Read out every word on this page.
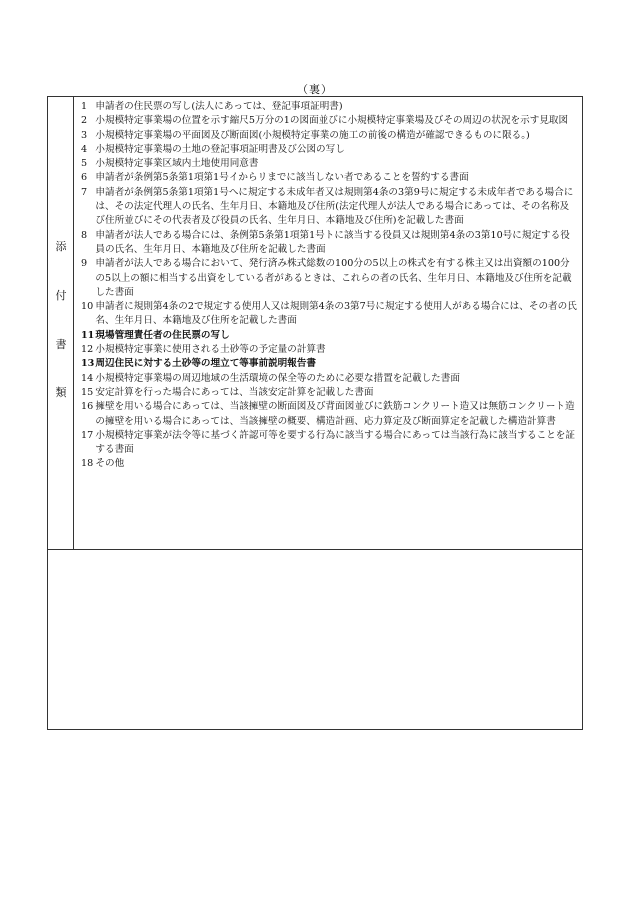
（裏）
添
付
書
類
1 申請者の住民票の写し(法人にあっては、登記事項証明書)
2 小規模特定事業場の位置を示す縮尺5万分の1の図面並びに小規模特定事業場及びその周辺の状況を示す見取図
3 小規模特定事業場の平面図及び断面図(小規模特定事業の施工の前後の構造が確認できるものに限る。)
4 小規模特定事業場の土地の登記事項証明書及び公図の写し
5 小規模特定事業区域内土地使用同意書
6 申請者が条例第5条第1項第1号イからリまでに該当しない者であることを誓約する書面
7 申請者が条例第5条第1項第1号へに規定する未成年者又は規則第4条の3第9号に規定する未成年者である場合には、その法定代理人の氏名、生年月日、本籍地及び住所(法定代理人が法人である場合にあっては、その名称及び住所並びにその代表者及び役員の氏名、生年月日、本籍地及び住所)を記載した書面
8 申請者が法人である場合には、条例第5条第1項第1号トに該当する役員又は規則第4条の3第10号に規定する役員の氏名、生年月日、本籍地及び住所を記載した書面
9 申請者が法人である場合において、発行済み株式総数の100分の5以上の株式を有する株主又は出資額の100分の5以上の額に相当する出資をしている者があるときは、これらの者の氏名、生年月日、本籍地及び住所を記載した書面
10 申請者に規則第4条の2で規定する使用人又は規則第4条の3第7号に規定する使用人がある場合には、その者の氏名、生年月日、本籍地及び住所を記載した書面
11現場管理責任者の住民票の写し
12 小規模特定事業に使用される土砂等の予定量の計算書
13周辺住民に対する土砂等の埋立て等事前説明報告書
14 小規模特定事業場の周辺地域の生活環境の保全等のために必要な措置を記載した書面
15 安定計算を行った場合にあっては、当該安定計算を記載した書面
16 擁壁を用いる場合にあっては、当該擁壁の断面図及び背面図並びに鉄筋コンクリート造又は無筋コンクリート造の擁壁を用いる場合にあっては、当該擁壁の概要、構造計画、応力算定及び断面算定を記載した構造計算書
17 小規模特定事業が法令等に基づく許認可等を要する行為に該当する場合にあっては当該行為に該当することを証する書面
18 その他
